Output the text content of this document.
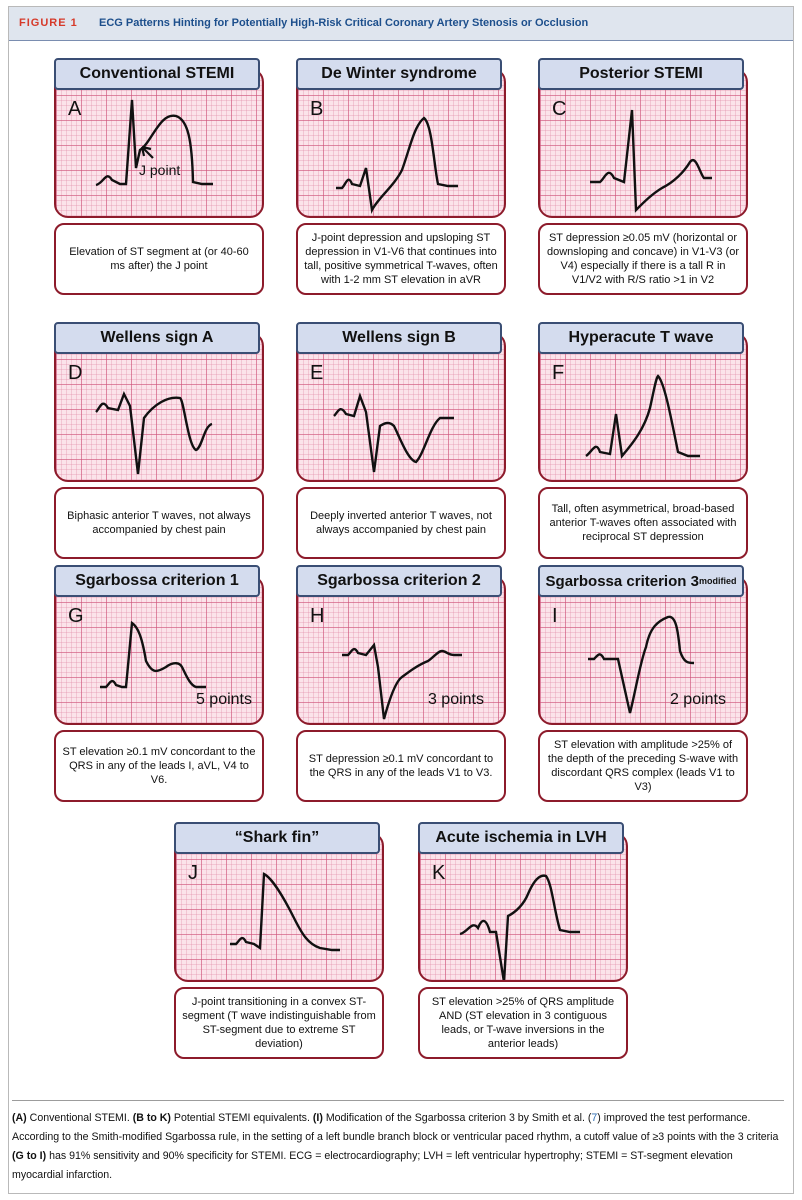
FIGURE 1 ECG Patterns Hinting for Potentially High-Risk Critical Coronary Artery Stenosis or Occlusion
Conventional STEMI
A
J point
Elevation of ST segment at (or 40-60 ms after) the J point
De Winter syndrome
B
J-point depression and upsloping ST depression in V1-V6 that continues into tall, positive symmetrical T-waves, often with 1-2 mm ST elevation in aVR
Posterior STEMI
C
ST depression ≥0.05 mV (horizontal or downsloping and concave) in V1-V3 (or V4) especially if there is a tall R in V1/V2 with R/S ratio >1 in V2
Wellens sign A
D
Biphasic anterior T waves, not always accompanied by chest pain
Wellens sign B
E
Deeply inverted anterior T waves, not always accompanied by chest pain
Hyperacute T wave
F
Tall, often asymmetrical, broad-based anterior T-waves often associated with reciprocal ST depression
Sgarbossa criterion 1
G
5 points
ST elevation ≥0.1 mV concordant to the QRS in any of the leads I, aVL, V4 to V6.
Sgarbossa criterion 2
H
3 points
ST depression ≥0.1 mV concordant to the QRS in any of the leads V1 to V3.
Sgarbossa criterion 3 modified
I
2 points
ST elevation with amplitude >25% of the depth of the preceding S-wave with discordant QRS complex (leads V1 to V3)
“Shark fin”
J
J-point transitioning in a convex ST-segment (T wave indistinguishable from ST-segment due to extreme ST deviation)
Acute ischemia in LVH
K
ST elevation >25% of QRS amplitude AND (ST elevation in 3 contiguous leads, or T-wave inversions in the anterior leads)
(A) Conventional STEMI. (B to K) Potential STEMI equivalents. (I) Modification of the Sgarbossa criterion 3 by Smith et al. (7) improved the test performance. According to the Smith-modified Sgarbossa rule, in the setting of a left bundle branch block or ventricular paced rhythm, a cutoff value of ≥3 points with the 3 criteria (G to I) has 91% sensitivity and 90% specificity for STEMI. ECG = electrocardiography; LVH = left ventricular hypertrophy; STEMI = ST-segment elevation myocardial infarction.
